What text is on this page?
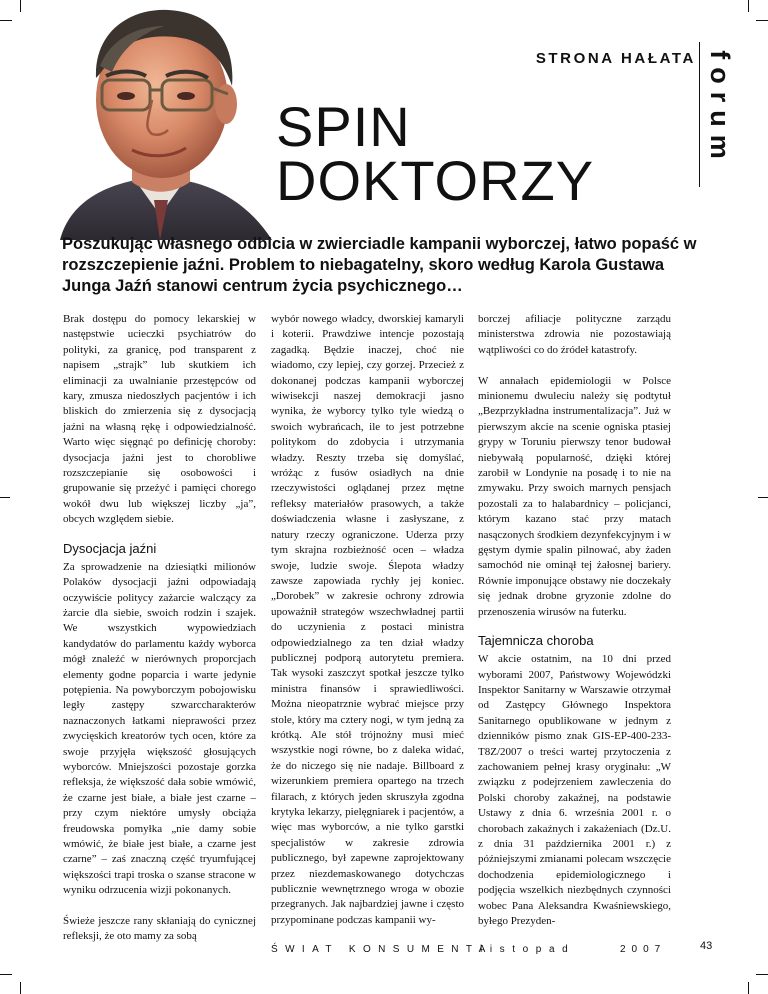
STRONA HAŁATA forum
SPIN
DOKTORZY
Poszukując własnego odbicia w zwierciadle kampanii wyborczej, łatwo popaść w rozszczepienie jaźni. Problem to niebagatelny, skoro według Karola Gustawa Junga Jaźń stanowi centrum życia psychicznego…

Brak dostępu do pomocy lekarskiej w następstwie ucieczki psychiatrów do polityki, za granicę, pod transparent z napisem „strajk” lub skutkiem ich eliminacji za uwalnianie przestępców od kary, zmusza niedoszłych pacjentów i ich bliskich do zmierzenia się z dysocjacją jaźni na własną rękę i odpowiedzialność. Warto więc sięgnąć po definicję choroby: dysocjacja jaźni jest to chorobliwe rozszczepianie się osobowości i grupowanie się przeżyć i pamięci chorego wokół dwu lub większej liczby „ja”, obcych względem siebie.

Dysocjacja jaźni

Za sprowadzenie na dziesiątki milionów Polaków dysocjacji jaźni odpowiadają oczywiście politycy zażarcie walczący za żarcie dla siebie, swoich rodzin i szajek. We wszystkich wypowiedziach kandydatów do parlamentu każdy wyborca mógł znaleźć w nierównych proporcjach elementy godne poparcia i warte jedynie potępienia. Na powyborczym pobojowisku legły zastępy szwarccharakterów naznaczonych łatkami nieprawości przez zwycięskich kreatorów tych ocen, które za swoje przyjęła większość głosujących wyborców. Mniejszości pozostaje gorzka refleksja, że większość dała sobie wmówić, że czarne jest białe, a białe jest czarne – przy czym niektóre umysły obciąża freudowska pomyłka „nie damy sobie wmówić, że białe jest białe, a czarne jest czarne” – zaś znaczną część tryumfującej większości trapi troska o szanse stracone w wyniku odrzucenia wizji pokonanych.

Świeże jeszcze rany skłaniają do cynicznej refleksji, że oto mamy za sobą

wybór nowego władcy, dworskiej kamaryli i koterii. Prawdziwe intencje pozostają zagadką. Będzie inaczej, choć nie wiadomo, czy lepiej, czy gorzej. Przecież z dokonanej podczas kampanii wyborczej wiwisekcji naszej demokracji jasno wynika, że wyborcy tylko tyle wiedzą o swoich wybrańcach, ile to jest potrzebne politykom do zdobycia i utrzymania władzy. Reszty trzeba się domyślać, wróżąc z fusów osiadłych na dnie rzeczywistości oglądanej przez mętne refleksy materiałów prasowych, a także doświadczenia własne i zasłyszane, z natury rzeczy ograniczone. Uderza przy tym skrajna rozbieżność ocen – władza swoje, ludzie swoje. Ślepota władzy zawsze zapowiada rychły jej koniec. „Dorobek” w zakresie ochrony zdrowia upoważnił strategów wszechwładnej partii do uczynienia z postaci ministra odpowiedzialnego za ten dział władzy publicznej podporą autorytetu premiera. Tak wysoki zaszczyt spotkał jeszcze tylko ministra finansów i sprawiedliwości. Można nieopatrznie wybrać miejsce przy stole, który ma cztery nogi, w tym jedną za krótką. Ale stół trójnożny musi mieć wszystkie nogi równe, bo z daleka widać, że do niczego się nie nadaje. Billboard z wizerunkiem premiera opartego na trzech filarach, z których jeden skruszyła zgodna krytyka lekarzy, pielęgniarek i pacjentów, a więc mas wyborców, a nie tylko garstki specjalistów w zakresie zdrowia publicznego, był zapewne zaprojektowany przez niezdemaskowanego dotychczas publicznie wewnętrznego wroga w obozie przegranych. Jak najbardziej jawne i często przypominane podczas kampanii wy-

borczej afiliacje polityczne zarządu ministerstwa zdrowia nie pozostawiają wątpliwości co do źródeł katastrofy.

W annałach epidemiologii w Polsce minionemu dwuleciu należy się podtytuł „Bezprzykładna instrumentalizacja”. Już w pierwszym akcie na scenie ogniska ptasiej grypy w Toruniu pierwszy tenor budował niebywałą popularność, dzięki której zarobił w Londynie na posadę i to nie na zmywaku. Przy swoich marnych pensjach pozostali za to halabardnicy – policjanci, którym kazano stać przy matach nasączonych środkiem dezynfekcyjnym i w gęstym dymie spalin pilnować, aby żaden samochód nie ominął tej żałosnej bariery. Równie imponujące obstawy nie doczekały się jednak drobne gryzonie zdolne do przenoszenia wirusów na futerku.

Tajemnicza choroba

W akcie ostatnim, na 10 dni przed wyborami 2007, Państwowy Wojewódzki Inspektor Sanitarny w Warszawie otrzymał od Zastępcy Głównego Inspektora Sanitarnego opublikowane w jednym z dzienników pismo znak GIS-EP-400-233-T8Z/2007 o treści wartej przytoczenia z zachowaniem pełnej krasy oryginału: „W związku z podejrzeniem zawleczenia do Polski choroby zakaźnej, na podstawie Ustawy z dnia 6. września 2001 r. o chorobach zakaźnych i zakażeniach (Dz.U. z dnia 31 października 2001 r.) z późniejszymi zmianami polecam wszczęcie dochodzenia epidemiologicznego i podjęcia wszelkich niezbędnych czynności wobec Pana Aleksandra Kwaśniewskiego, byłego Prezyden-

ŚWIAT KONSUMENTA
listopad	2007	43
